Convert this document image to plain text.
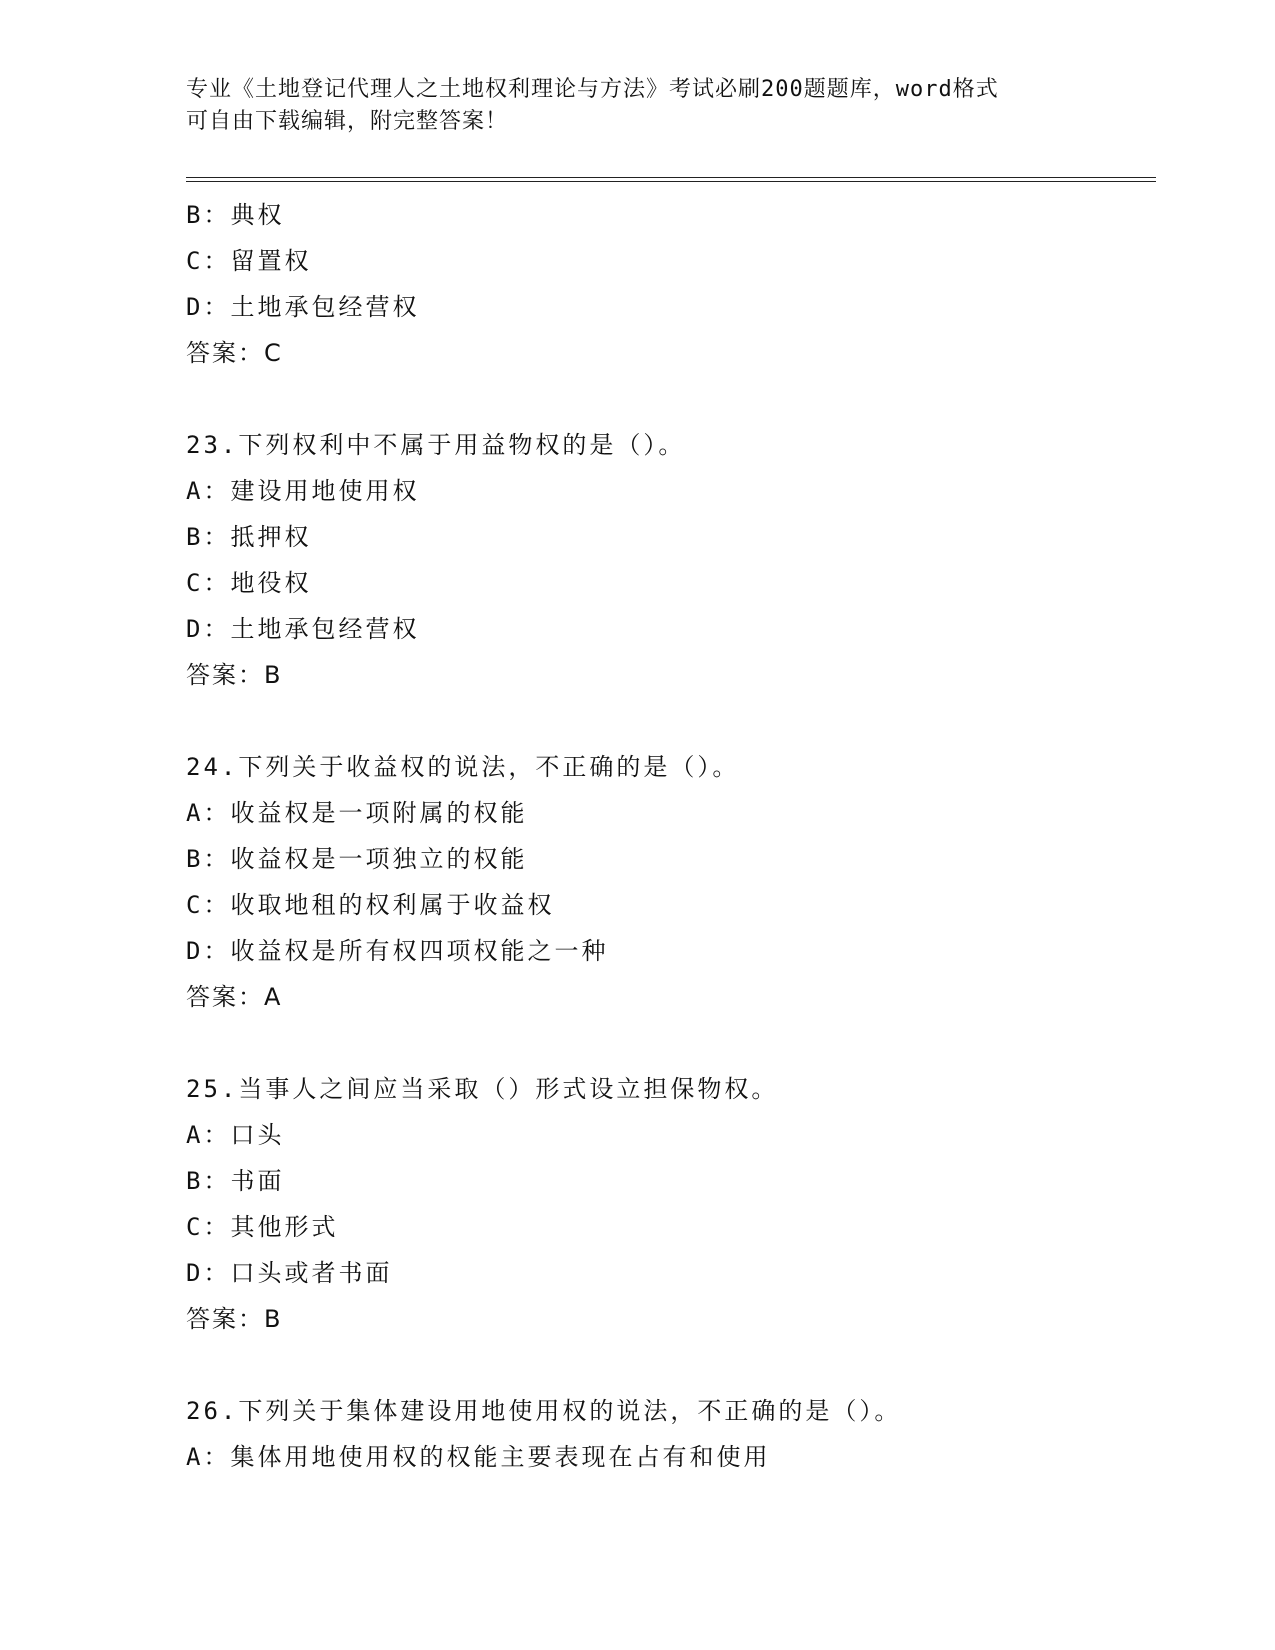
专业《土地登记代理人之土地权利理论与方法》考试必刷200题题库，word格式
可自由下载编辑，附完整答案！
B：典权
C：留置权
D：土地承包经营权
答案：C
23.下列权利中不属于用益物权的是（）。
A：建设用地使用权
B：抵押权
C：地役权
D：土地承包经营权
答案：B
24.下列关于收益权的说法，不正确的是（）。
A：收益权是一项附属的权能
B：收益权是一项独立的权能
C：收取地租的权利属于收益权
D：收益权是所有权四项权能之一种
答案：A
25.当事人之间应当采取（）形式设立担保物权。
A：口头
B：书面
C：其他形式
D：口头或者书面
答案：B
26.下列关于集体建设用地使用权的说法，不正确的是（）。
A：集体用地使用权的权能主要表现在占有和使用
